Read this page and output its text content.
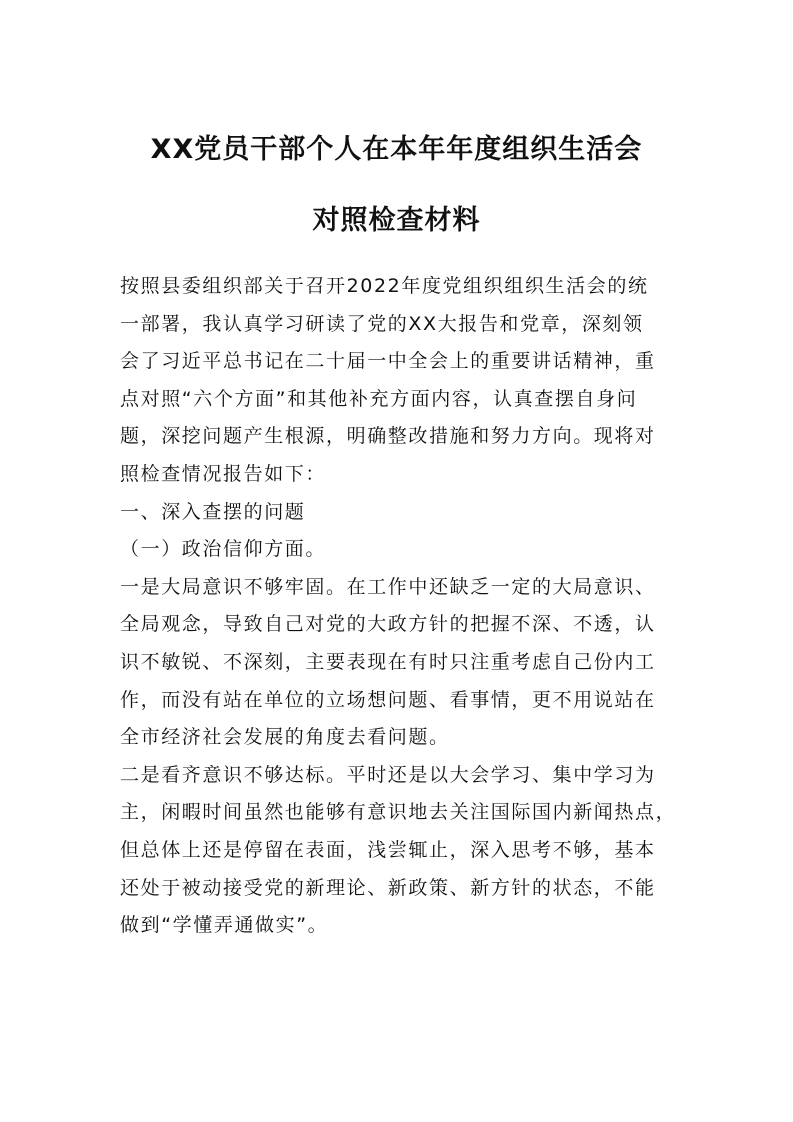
XX党员干部个人在本年年度组织生活会
对照检查材料
按照县委组织部关于召开2022年度党组织组织生活会的统
一部署，我认真学习研读了党的XX大报告和党章，深刻领
会了习近平总书记在二十届一中全会上的重要讲话精神，重
点对照“六个方面”和其他补充方面内容，认真查摆自身问
题，深挖问题产生根源，明确整改措施和努力方向。现将对
照检查情况报告如下：
一、深入查摆的问题
（一）政治信仰方面。
一是大局意识不够牢固。在工作中还缺乏一定的大局意识、
全局观念，导致自己对党的大政方针的把握不深、不透，认
识不敏锐、不深刻，主要表现在有时只注重考虑自己份内工
作，而没有站在单位的立场想问题、看事情，更不用说站在
全市经济社会发展的角度去看问题。
二是看齐意识不够达标。平时还是以大会学习、集中学习为
主，闲暇时间虽然也能够有意识地去关注国际国内新闻热点，
但总体上还是停留在表面，浅尝辄止，深入思考不够，基本
还处于被动接受党的新理论、新政策、新方针的状态，不能
做到“学懂弄通做实”。
